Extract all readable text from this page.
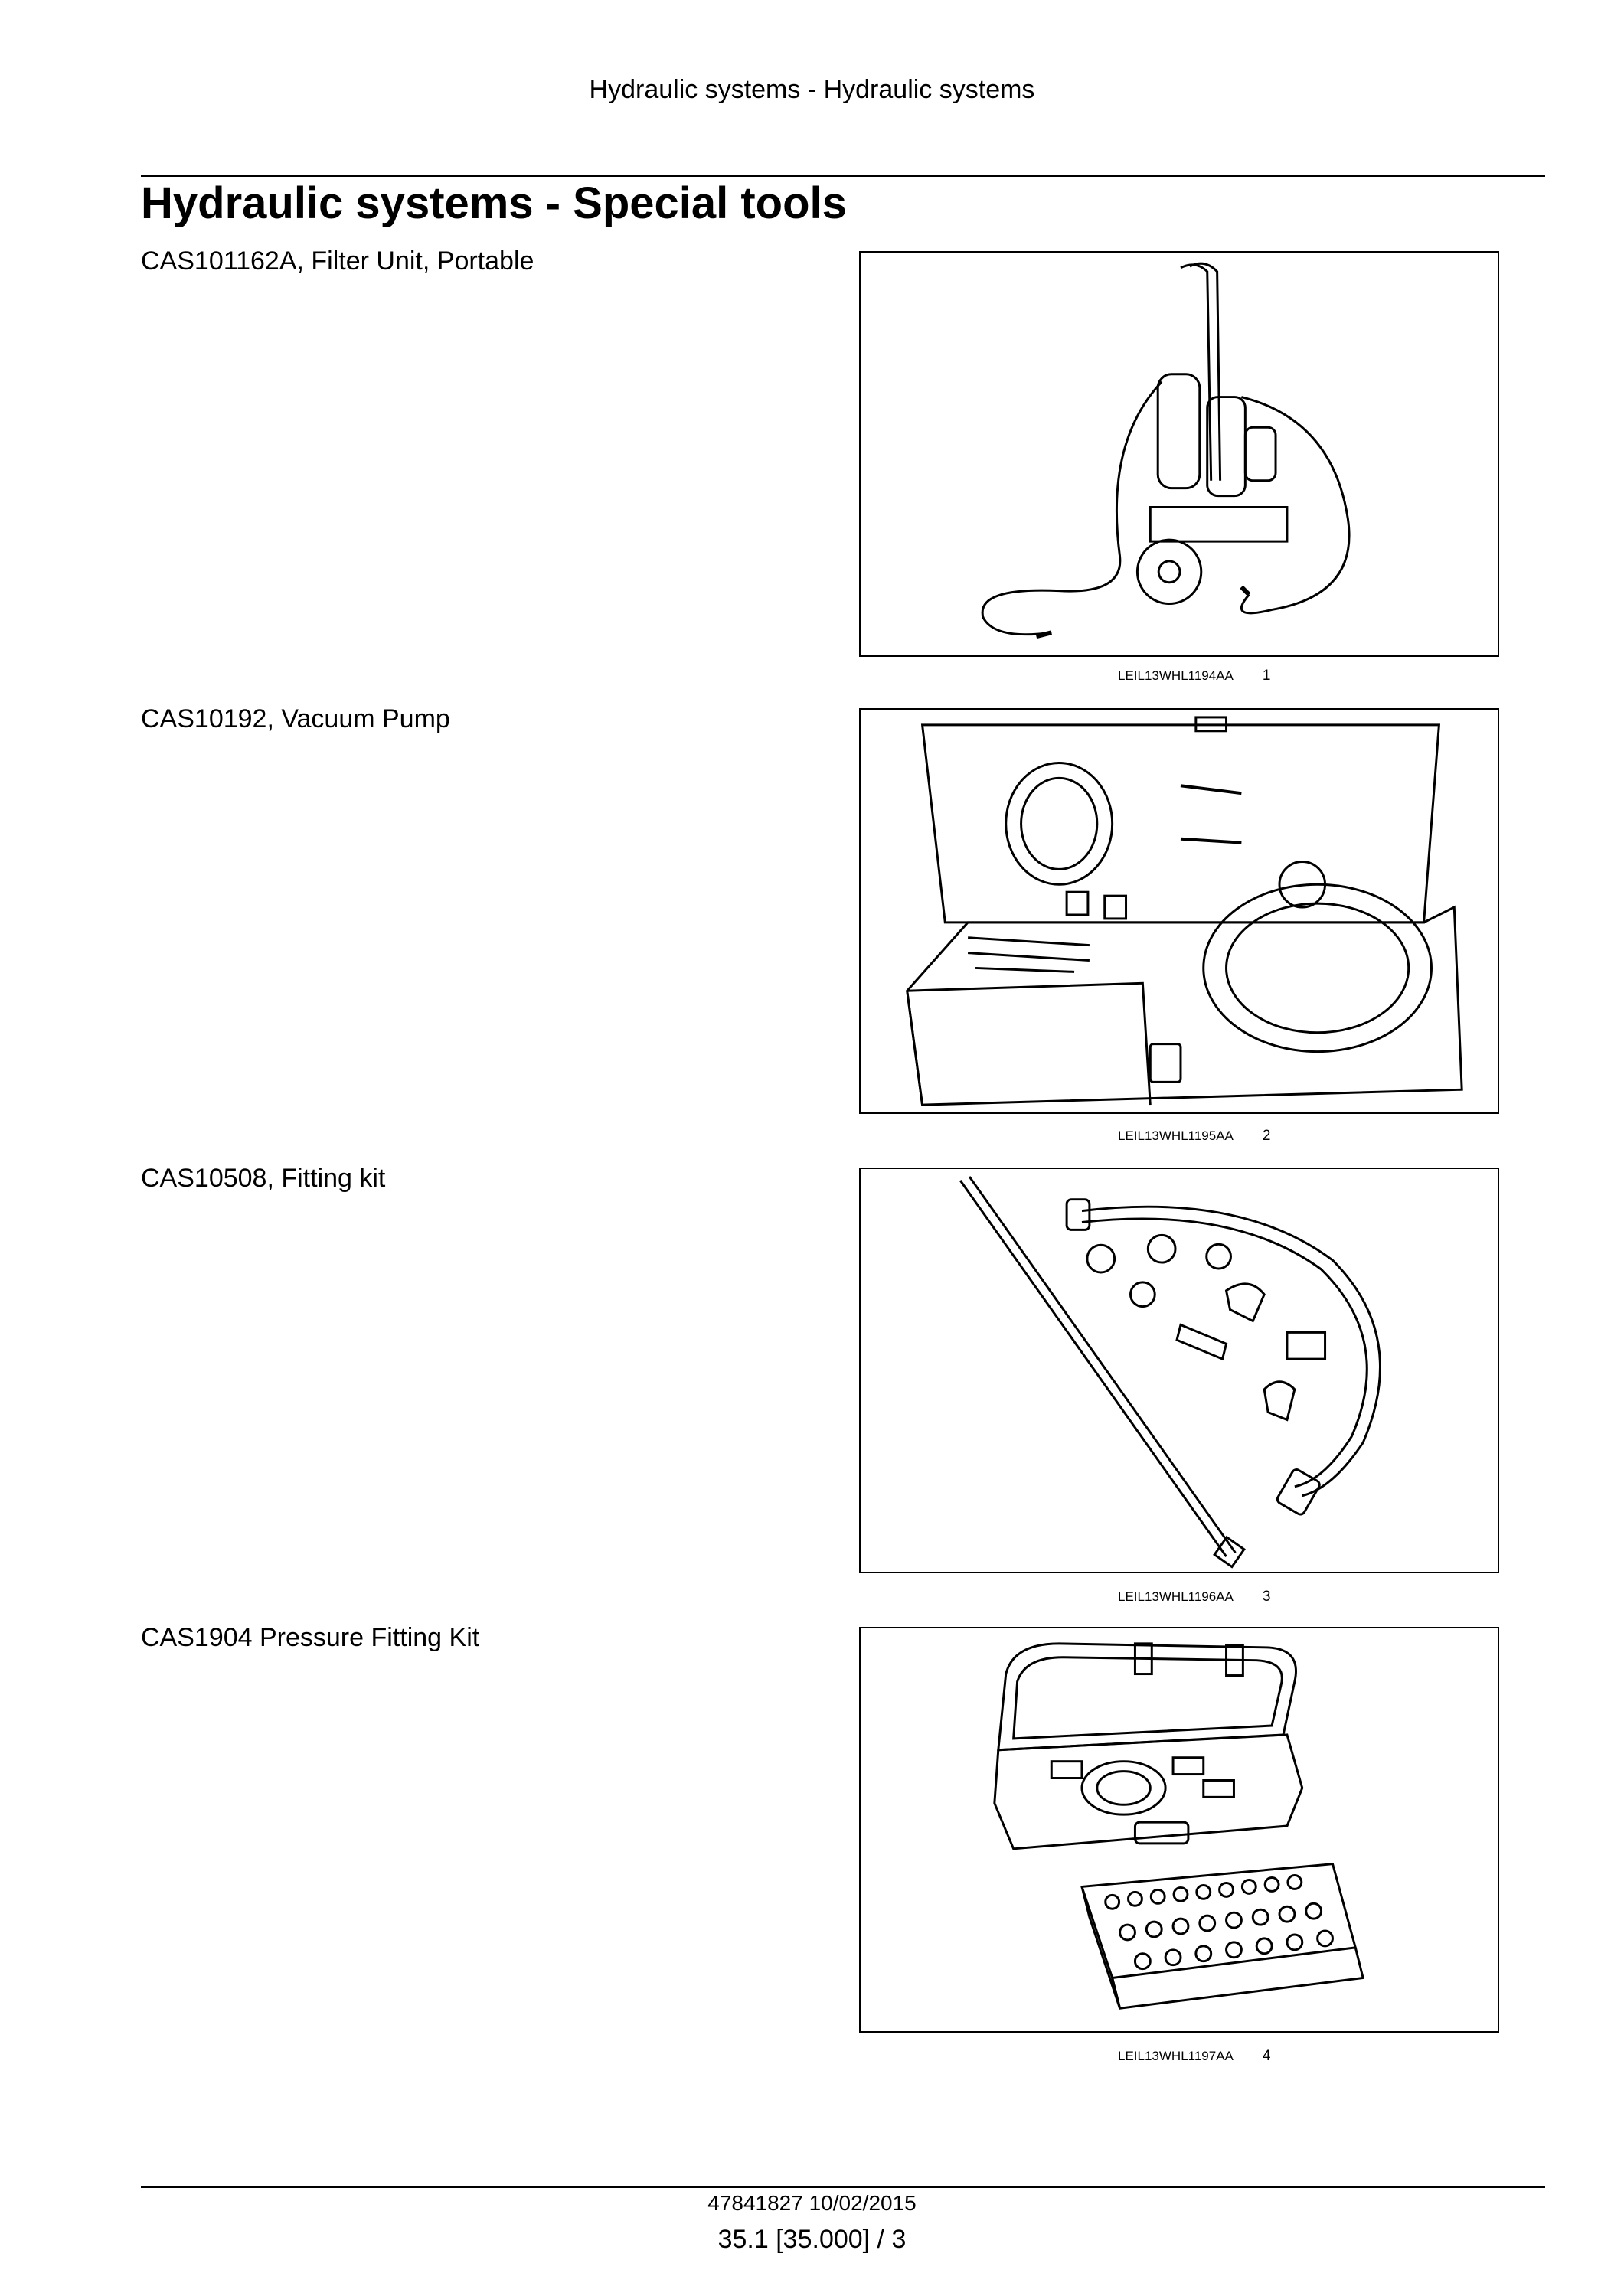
Hydraulic systems - Hydraulic systems
Hydraulic systems - Special tools
CAS101162A, Filter Unit, Portable
LEIL13WHL1194AA 1
CAS10192, Vacuum Pump
LEIL13WHL1195AA 2
CAS10508, Fitting kit
LEIL13WHL1196AA 3
CAS1904 Pressure Fitting Kit
LEIL13WHL1197AA 4
47841827 10/02/2015
35.1 [35.000] / 3
